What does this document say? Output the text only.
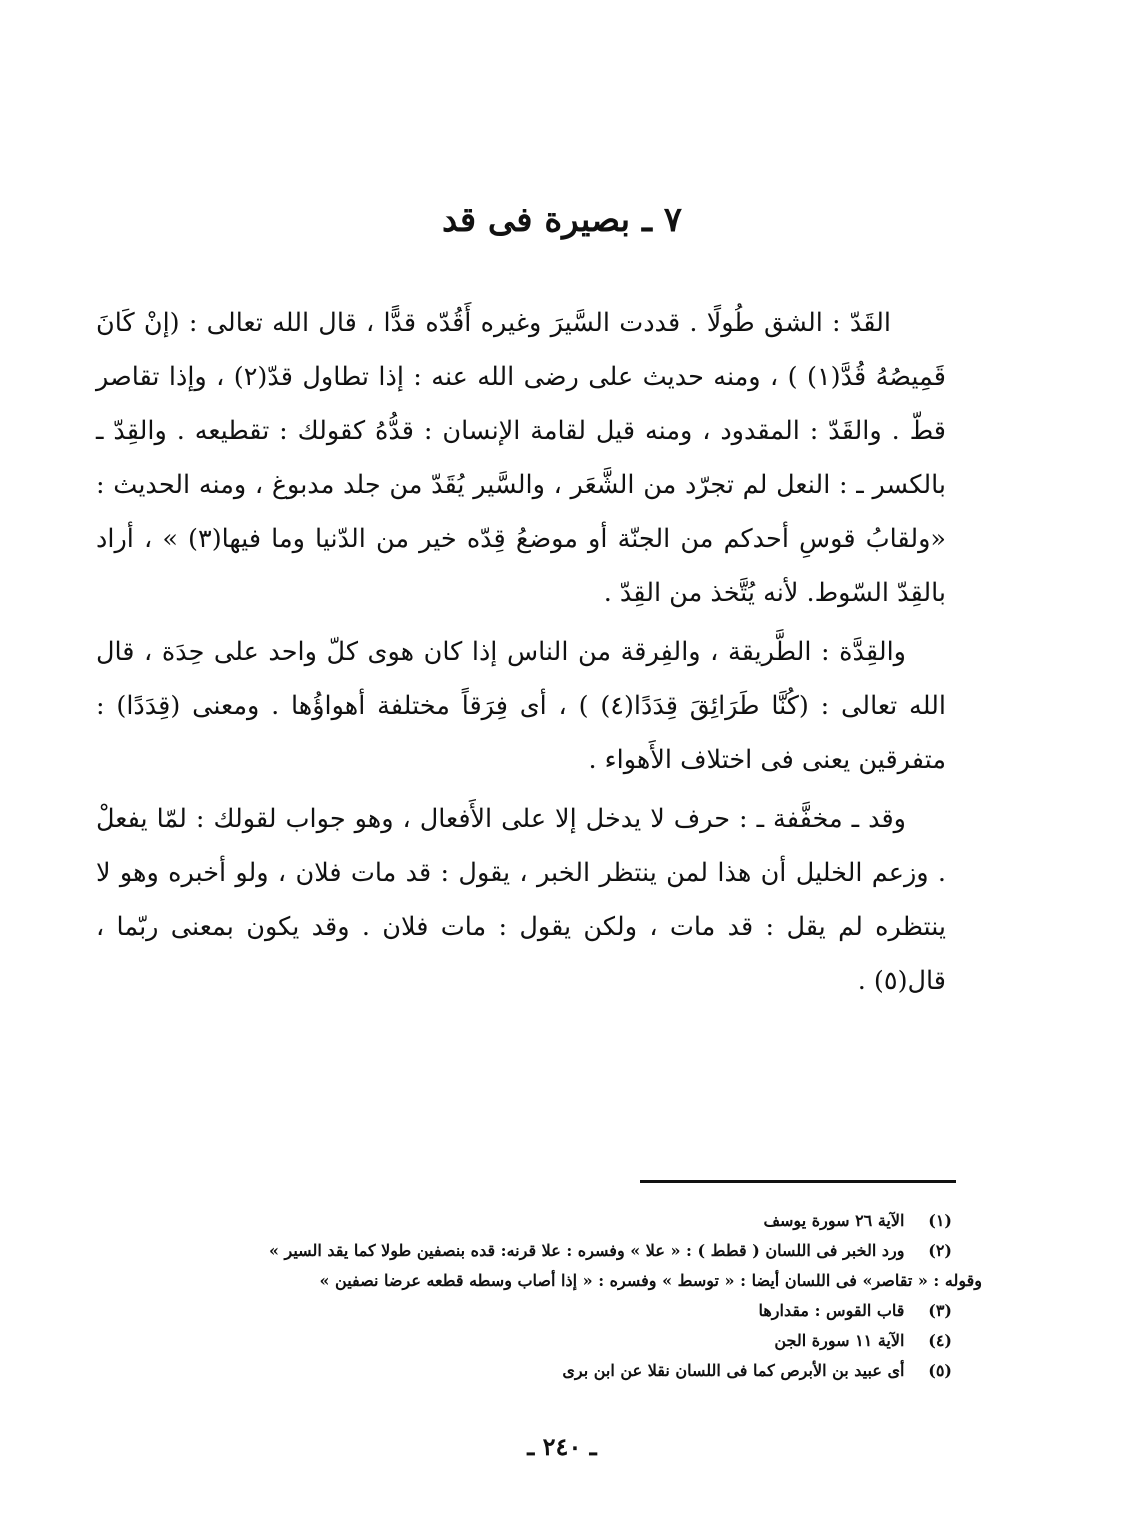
٧ ـ بصيرة فى قد

القَدّ : الشق طُولًا . قددت السَّيرَ وغيره أَقُدّه قدًّا ، قال الله تعالى : (إنْ كَانَ قَمِيصُهُ قُدَّ(١) ) ، ومنه حديث على رضى الله عنه : إذا تطاول قدّ(٢) ، وإذا تقاصر قطّ . والقَدّ : المقدود ، ومنه قيل لقامة الإنسان : قدُّهُ كقولك : تقطيعه . والقِدّ ـ بالكسر ـ : النعل لم تجرّد من الشَّعَر ، والسَّير يُقَدّ من جلد مدبوغ ، ومنه الحديث : «ولقابُ قوسِ أحدكم من الجنّة أو موضعُ قِدّه خير من الدّنيا وما فيها(٣) » ، أراد بالقِدّ السّوط. لأنه يُتَّخذ من القِدّ .

والقِدَّة : الطَّريقة ، والفِرقة من الناس إذا كان هوى كلّ واحد على حِدَة ، قال الله تعالى : (كُنَّا طَرَائِقَ قِدَدًا(٤) ) ، أى فِرَقاً مختلفة أهواؤُها . ومعنى (قِدَدًا) : متفرقين يعنى فى اختلاف الأَهواء .

وقد ـ مخفَّفة ـ : حرف لا يدخل إلا على الأَفعال ، وهو جواب لقولك : لمّا يفعلْ . وزعم الخليل أن هذا لمن ينتظر الخبر ، يقول : قد مات فلان ، ولو أخبره وهو لا ينتظره لم يقل : قد مات ، ولكن يقول : مات فلان . وقد يكون بمعنى ربّما ، قال(٥) .

(١) الآية ٢٦ سورة يوسف
(٢) ورد الخبر فى اللسان ( قطط ) : « علا » وفسره : علا قرنه: قده بنصفين طولا كما يقد السير »
وقوله : « تقاصر» فى اللسان أيضا : « توسط » وفسره : « إذا أصاب وسطه قطعه عرضا نصفين »
(٣) قاب القوس : مقدارها
(٤) الآية ١١ سورة الجن
(٥) أى عبيد بن الأبرص كما فى اللسان نقلا عن ابن برى
ـ ٢٤٠ ـ
